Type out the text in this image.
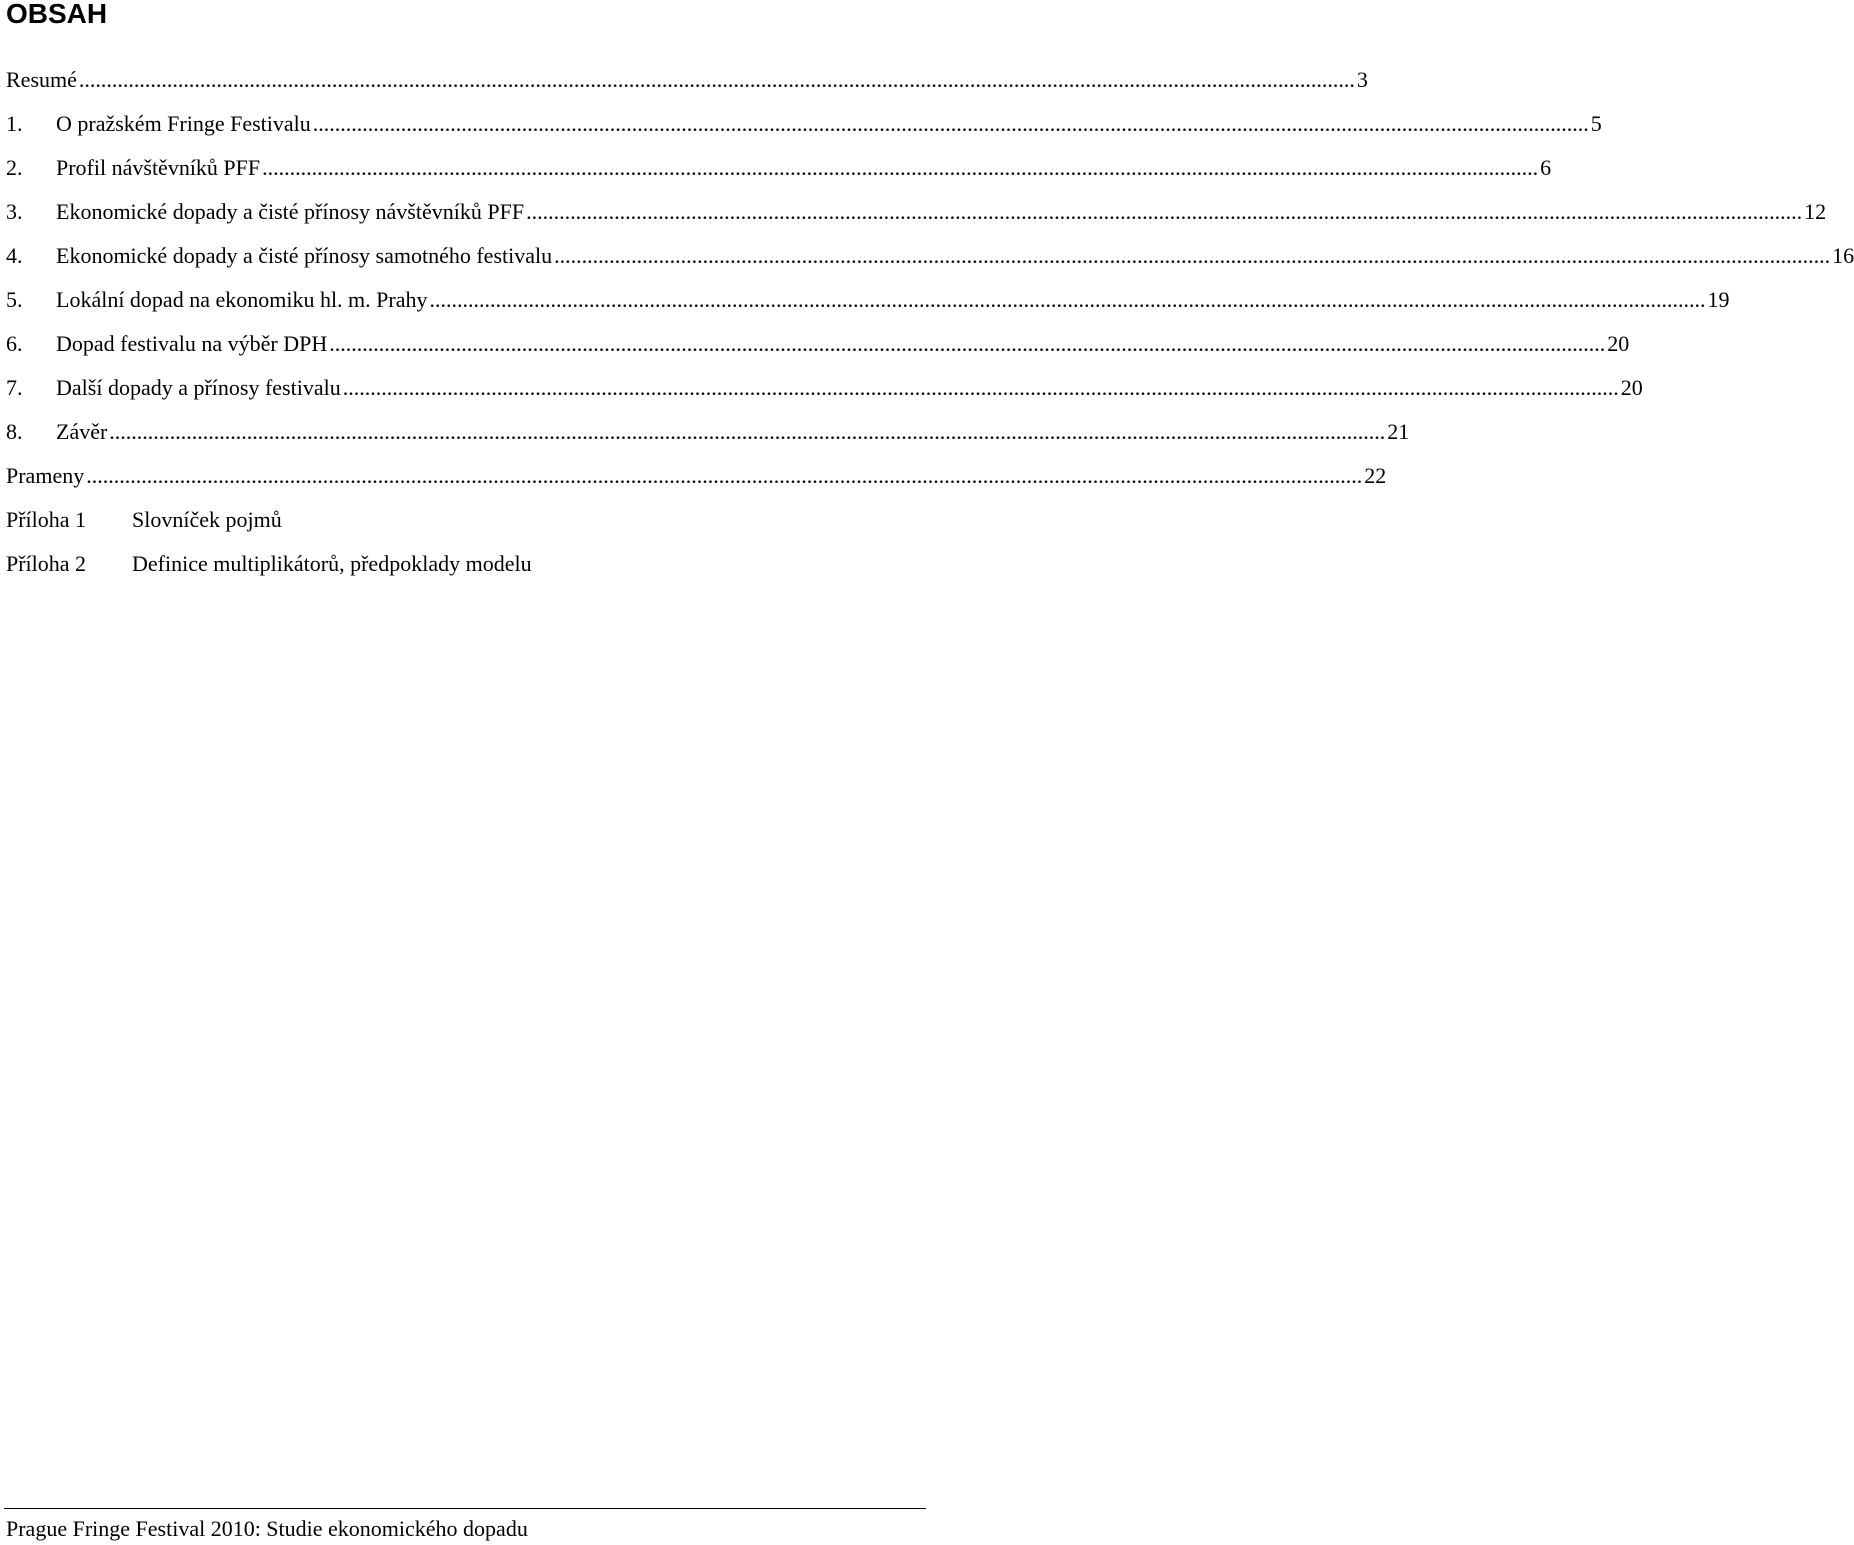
OBSAH
Resumé .....	3
1.	O pražském Fringe Festivalu .....	5
2.	Profil návštěvníků PFF .....	6
3.	Ekonomické dopady a čisté přínosy návštěvníků PFF .....	12
4.	Ekonomické dopady a čisté přínosy samotného festivalu .....	16
5.	Lokální dopad na ekonomiku hl. m. Prahy .....	19
6.	Dopad festivalu na výběr DPH .....	20
7.	Další dopady a přínosy festivalu .....	20
8.	Závěr .....	21
Prameny .....	22
Příloha 1	Slovníček pojmů
Příloha 2	Definice multiplikátorů, předpoklady modelu
Prague Fringe Festival 2010: Studie ekonomického dopadu
